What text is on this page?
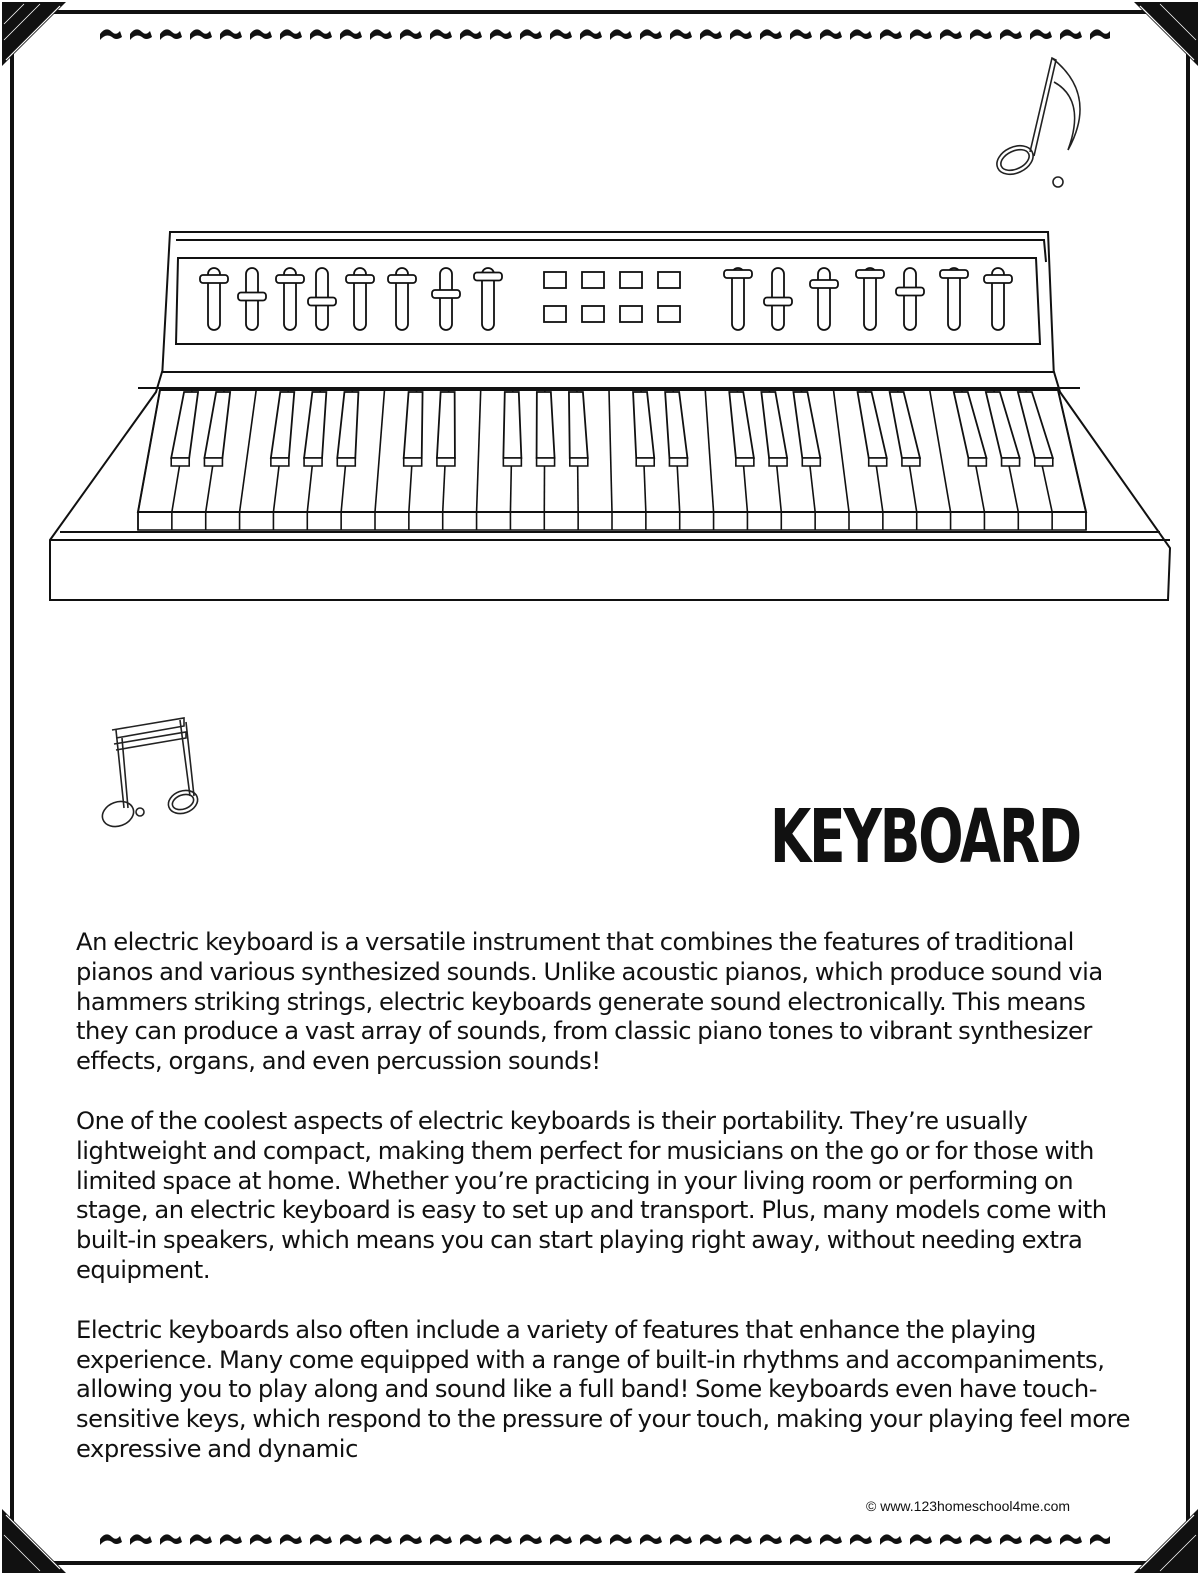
KEYBOARD

An electric keyboard is a versatile instrument that combines the features of traditional pianos and various synthesized sounds. Unlike acoustic pianos, which produce sound via hammers striking strings, electric keyboards generate sound electronically. This means they can produce a vast array of sounds, from classic piano tones to vibrant synthesizer effects, organs, and even percussion sounds!

One of the coolest aspects of electric keyboards is their portability. They’re usually lightweight and compact, making them perfect for musicians on the go or for those with limited space at home. Whether you’re practicing in your living room or performing on stage, an electric keyboard is easy to set up and transport. Plus, many models come with built-in speakers, which means you can start playing right away, without needing extra equipment.

Electric keyboards also often include a variety of features that enhance the playing experience. Many come equipped with a range of built-in rhythms and accompaniments, allowing you to play along and sound like a full band! Some keyboards even have touch-sensitive keys, which respond to the pressure of your touch, making your playing feel more expressive and dynamic

© www.123homeschool4me.com
